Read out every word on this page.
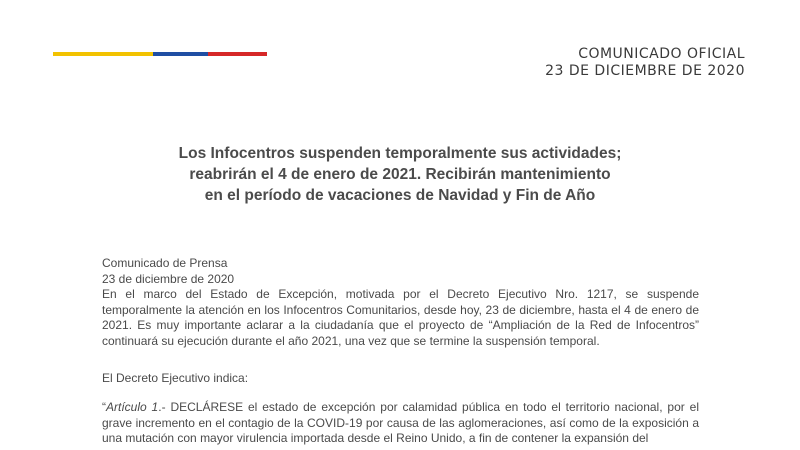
COMUNICADO OFICIAL
23 DE DICIEMBRE DE 2020
Los Infocentros suspenden temporalmente sus actividades;
reabrirán el 4 de enero de 2021. Recibirán mantenimiento
en el período de vacaciones de Navidad y Fin de Año
Comunicado de Prensa
23 de diciembre de 2020
En el marco del Estado de Excepción, motivada por el Decreto Ejecutivo Nro. 1217, se suspende temporalmente la atención en los Infocentros Comunitarios, desde hoy, 23 de diciembre, hasta el 4 de enero de 2021. Es muy importante aclarar a la ciudadanía que el proyecto de “Ampliación de la Red de Infocentros” continuará su ejecución durante el año 2021, una vez que se termine la suspensión temporal.
El Decreto Ejecutivo indica:
“Artículo 1.- DECLÁRESE el estado de excepción por calamidad pública en todo el territorio nacional, por el grave incremento en el contagio de la COVID-19 por causa de las aglomeraciones, así como de la exposición a una mutación con mayor virulencia importada desde el Reino Unido, a fin de contener la expansión del
